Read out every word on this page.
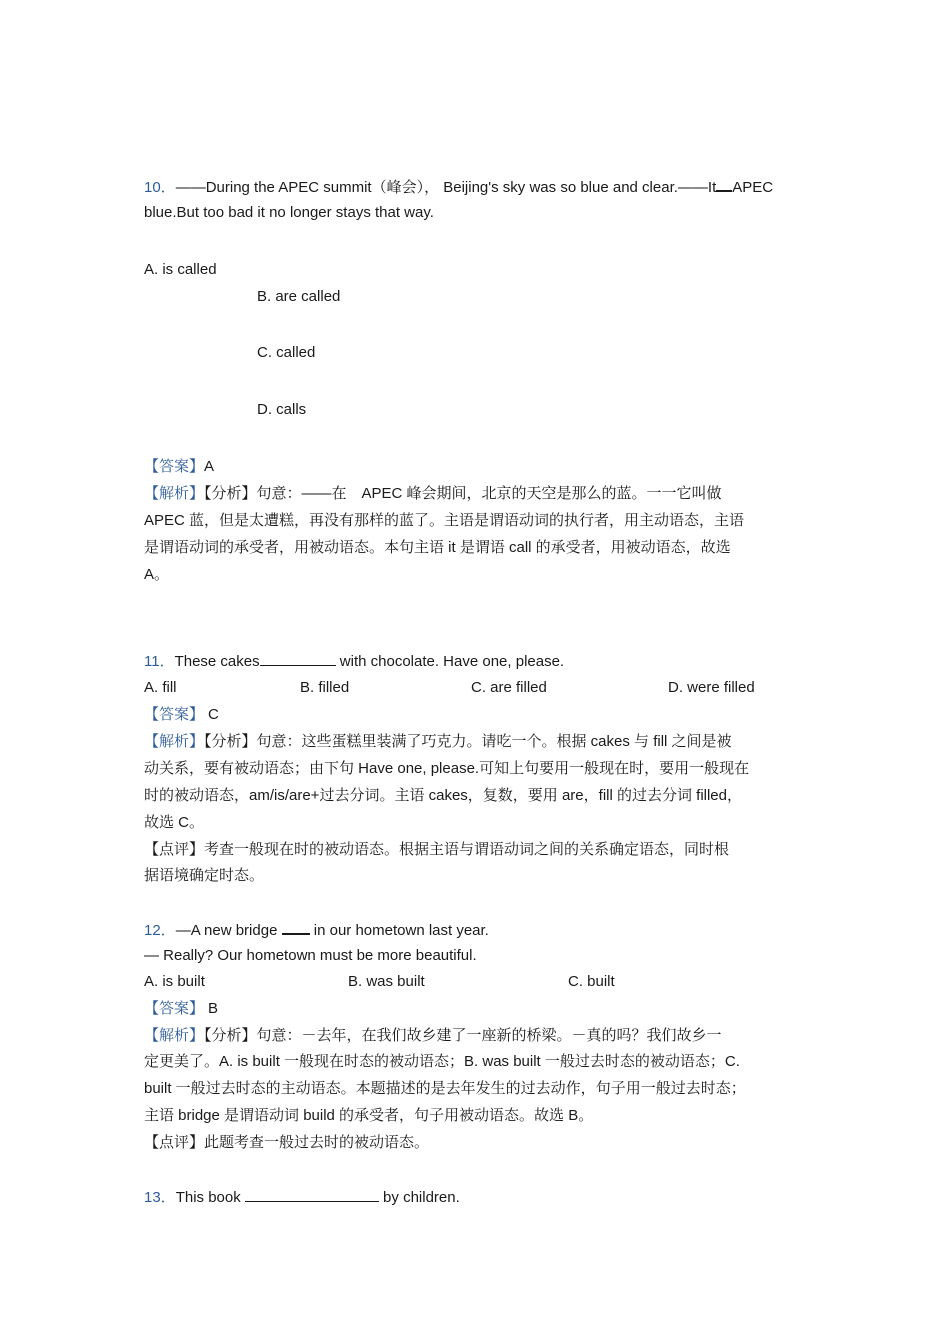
10．——During the APEC summit（峰会）， Beijing's sky was so blue and clear.——It APEC
blue.But too bad it no longer stays that way.
A. is called
B. are called
C. called
D. calls
【答案】A
【解析】【分析】句意：——在　APEC 峰会期间，北京的天空是那么的蓝。一一它叫做
APEC 蓝，但是太遭糕，再没有那样的蓝了。主语是谓语动词的执行者，用主动语态，主语
是谓语动词的承受者，用被动语态。本句主语 it 是谓语 call 的承受者，用被动语态，故选
A。
11．These cakes	with chocolate. Have one, please.
A. fill	B. filled	C. are filled	D. were filled
【答案】 C
【解析】【分析】句意：这些蛋糕里装满了巧克力。请吃一个。根据 cakes 与 fill 之间是被
动关系，要有被动语态；由下句 Have one, please.可知上句要用一般现在时，要用一般现在
时的被动语态，am/is/are+过去分词。主语 cakes，复数，要用 are，fill 的过去分词 filled，
故选 C。
【点评】考查一般现在时的被动语态。根据主语与谓语动词之间的关系确定语态，同时根
据语境确定时态。
12．—A new bridge  in our hometown last year.
— Really? Our hometown must be more beautiful.
A. is built	B. was built	C. built
【答案】 B
【解析】【分析】句意：－去年，在我们故乡建了一座新的桥梁。－真的吗？我们故乡一
定更美了。A. is built 一般现在时态的被动语态；B. was built 一般过去时态的被动语态；C.
built 一般过去时态的主动语态。本题描述的是去年发生的过去动作，句子用一般过去时态；
主语 bridge 是谓语动词 build 的承受者，句子用被动语态。故选 B。
【点评】此题考查一般过去时的被动语态。
13．This book	by children.
